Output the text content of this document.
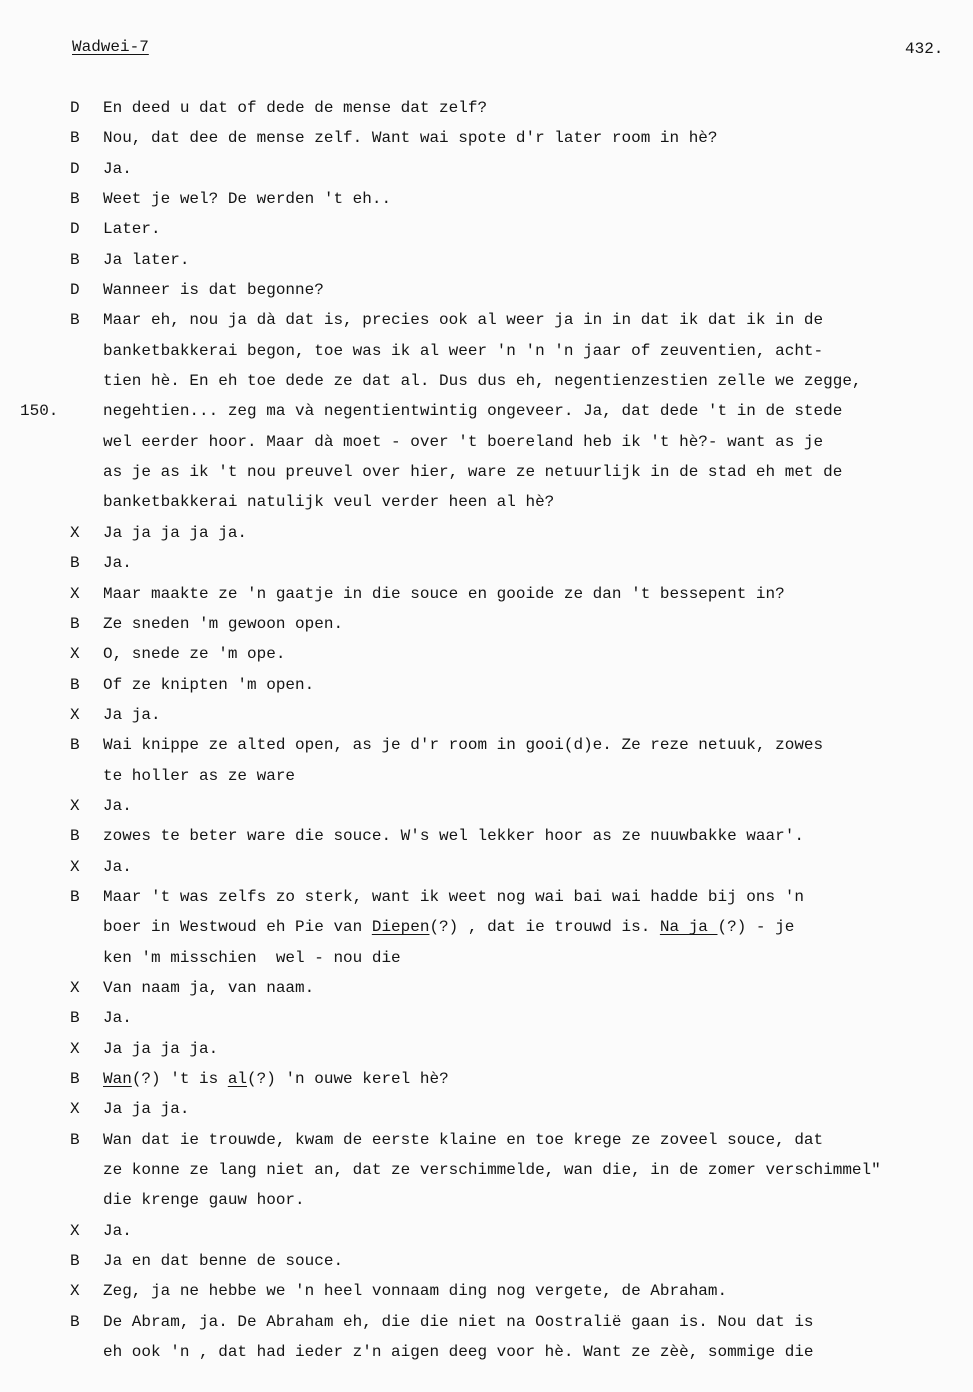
Wadwei-7	432.
D En deed u dat of dede de mense dat zelf?
B Nou, dat dee de mense zelf. Want wai spote d'r later room in hè?
D Ja.
B Weet je wel? De werden 't eh..
D Later.
B Ja later.
D Wanneer is dat begonne?
B Maar eh, nou ja dà dat is, precies ook al weer ja in in dat ik dat ik in de
banketbakkerai begon, toe was ik al weer 'n 'n 'n jaar of zeuventien, acht-
tien hè. En eh toe dede ze dat al. Dus dus eh, negentienzestien zelle we zegge,
150.	negehtien... zeg ma và negentientwintig ongeveer. Ja, dat dede 't in de stede
wel eerder hoor. Maar dà moet - over 't boereland heb ik 't hè?- want as je
as je as ik 't nou preuvel over hier, ware ze netuurlijk in de stad eh met de
banketbakkerai natulijk veul verder heen al hè?
X Ja ja ja ja ja.
B Ja.
X Maar maakte ze 'n gaatje in die souce en gooide ze dan 't bessepent in?
B Ze sneden 'm gewoon open.
X O, snede ze 'm ope.
B Of ze knipten 'm open.
X Ja ja.
B Wai knippe ze alted open, as je d'r room in gooi(d)e. Ze reze netuuk, zowes
te holler as ze ware
X Ja.
B zowes te beter ware die souce. W's wel lekker hoor as ze nuuwbakke waar'.
X Ja.
B Maar 't was zelfs zo sterk, want ik weet nog wai bai wai hadde bij ons 'n
boer in Westwoud eh Pie van Diepen(?) , dat ie trouwd is. Na ja (?) - je
ken 'm misschien  wel - nou die
X Van naam ja, van naam.
B Ja.
X Ja ja ja ja.
B Wan(?) 't is al(?) 'n ouwe kerel hè?
X Ja ja ja.
B Wan dat ie trouwde, kwam de eerste klaine en toe krege ze zoveel souce, dat
ze konne ze lang niet an, dat ze verschimmelde, wan die, in de zomer verschimmel"
die krenge gauw hoor.
X Ja.
B Ja en dat benne de souce.
X Zeg, ja ne hebbe we 'n heel vonnaam ding nog vergete, de Abraham.
B De Abram, ja. De Abraham eh, die die niet na Oostralië gaan is. Nou dat is
eh ook 'n , dat had ieder z'n aigen deeg voor hè. Want ze zèè, sommige die
